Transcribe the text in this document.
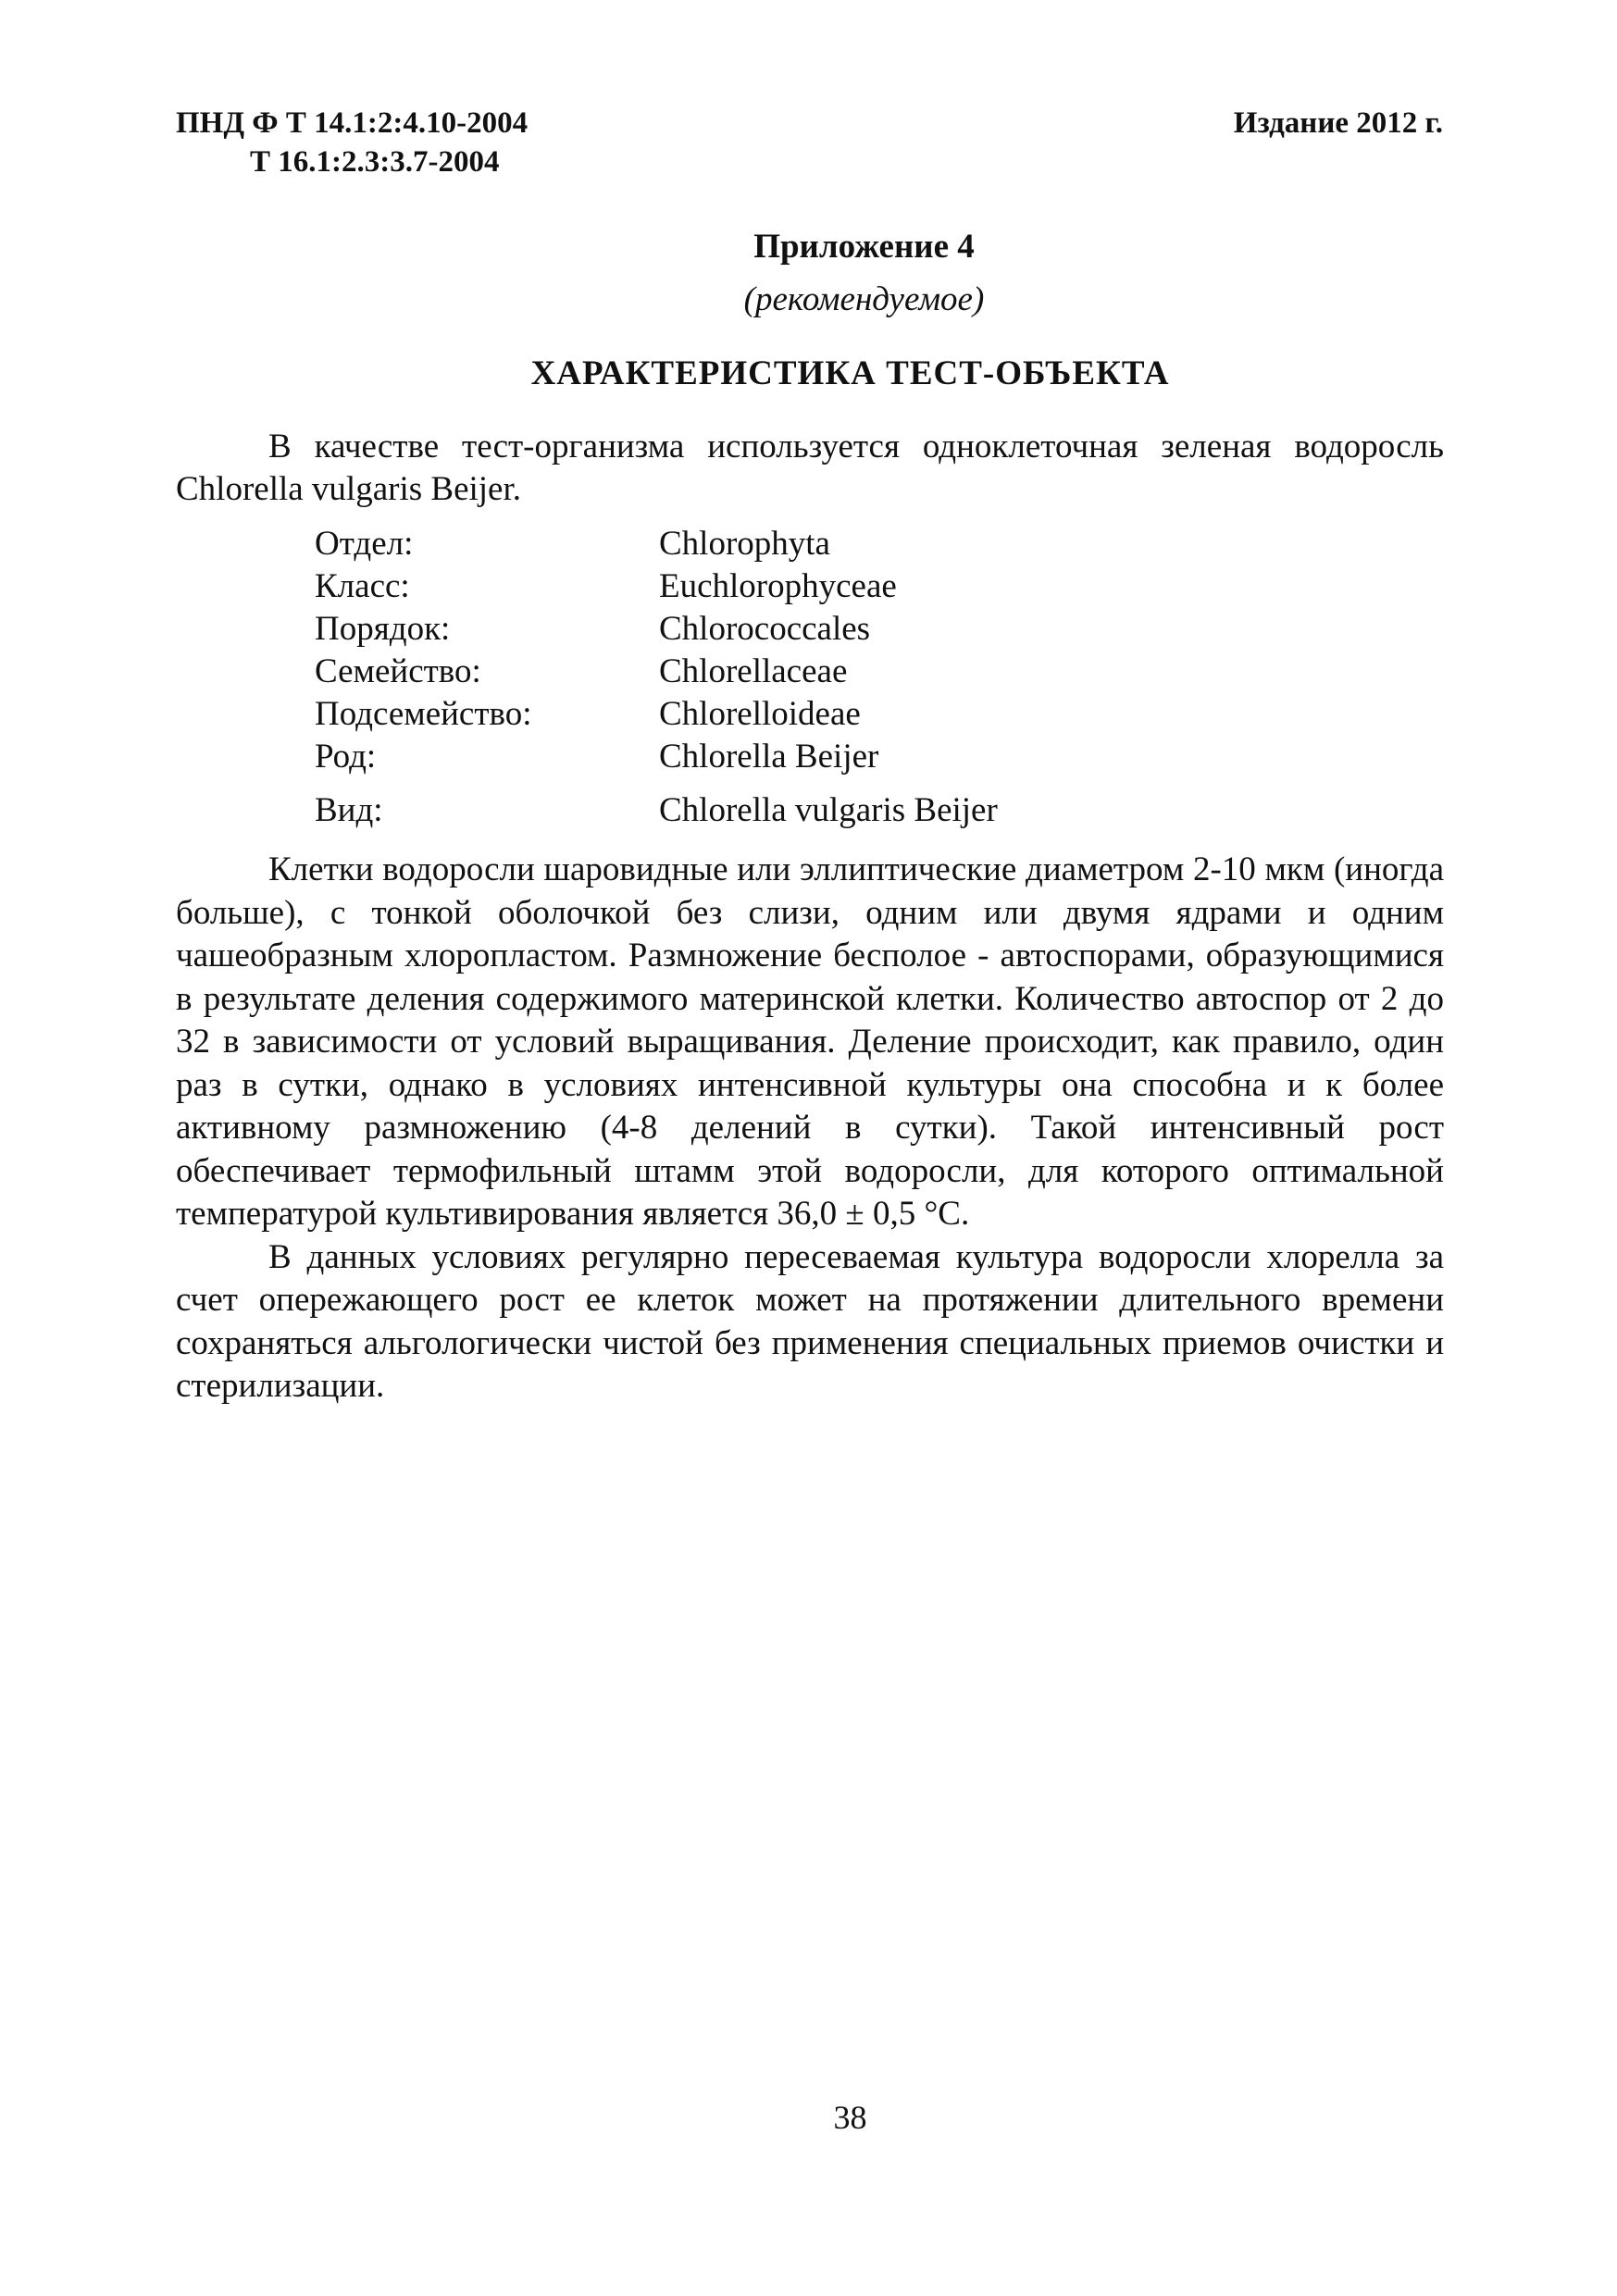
ПНД Ф Т 14.1:2:4.10-2004
Т 16.1:2.3:3.7-2004
Издание 2012 г.
Приложение 4
(рекомендуемое)
ХАРАКТЕРИСТИКА ТЕСТ-ОБЪЕКТА
В качестве тест-организма используется одноклеточная зеленая водоросль Chlorella vulgaris Beijer.
Отдел:	Chlorophyta
Класс:	Euchlorophyceae
Порядок:	Chlorococcales
Семейство:	Chlorellaceae
Подсемейство:	Chlorelloideae
Род:	Chlorella Beijer
Вид:	Chlorella vulgaris Beijer

Клетки водоросли шаровидные или эллиптические диаметром 2-10 мкм (иногда больше), с тонкой оболочкой без слизи, одним или двумя ядрами и одним чашеобразным хлоропластом. Размножение бесполое - автоспорами, образующимися в результате деления содержимого материнской клетки. Количество автоспор от 2 до 32 в зависимости от условий выращивания. Деление происходит, как правило, один раз в сутки, однако в условиях интенсивной культуры она способна и к более активному размножению (4-8 делений в сутки). Такой интенсивный рост обеспечивает термофильный штамм этой водоросли, для которого оптимальной температурой культивирования является 36,0 ± 0,5 °С.

В данных условиях регулярно пересеваемая культура водоросли хлорелла за счет опережающего рост ее клеток может на протяжении длительного времени сохраняться альгологически чистой без применения специальных приемов очистки и стерилизации.

38
